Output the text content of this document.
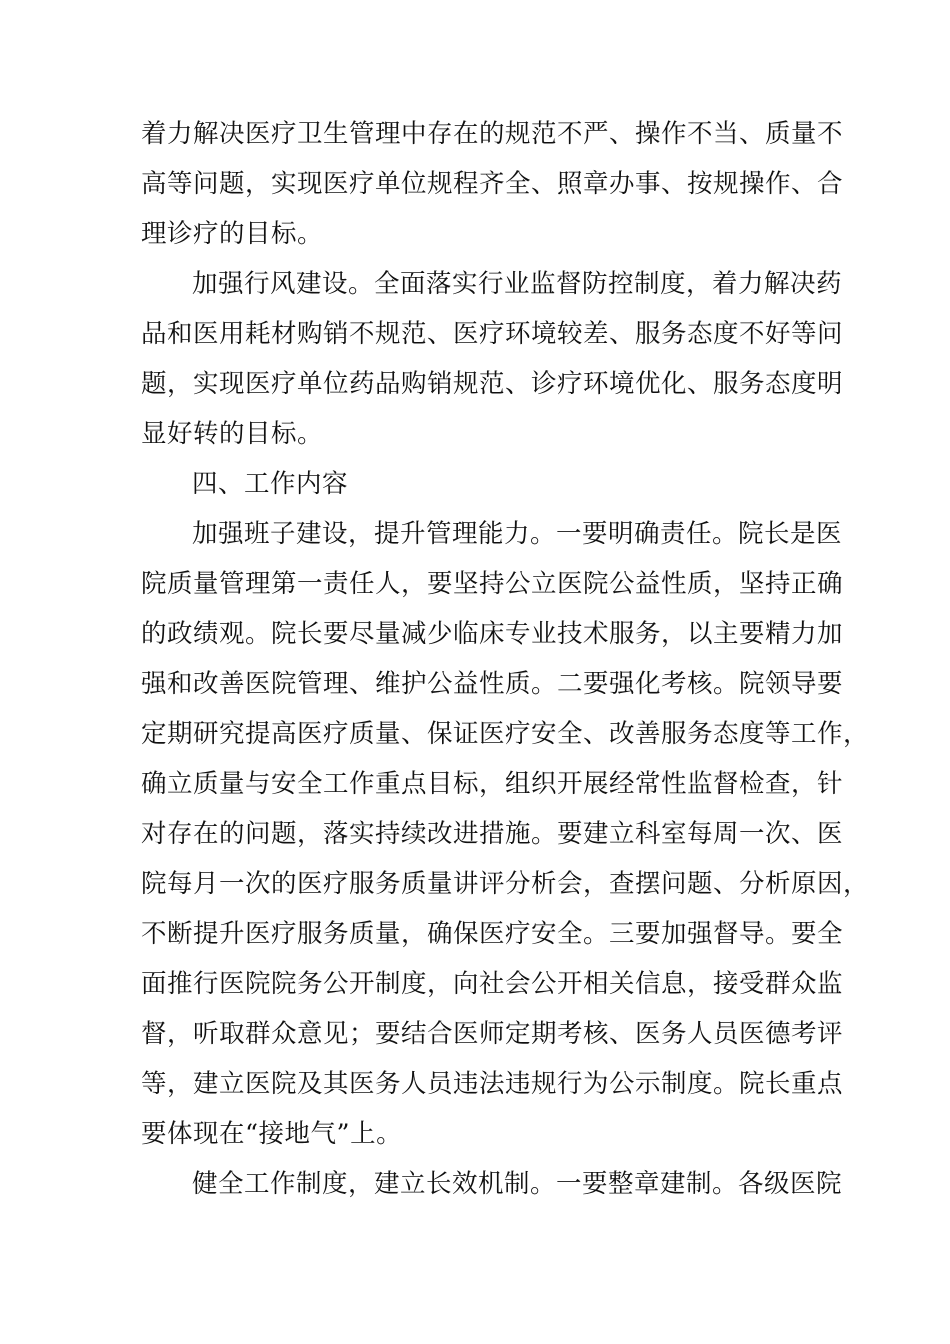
着力解决医疗卫生管理中存在的规范不严、操作不当、质量不
高等问题，实现医疗单位规程齐全、照章办事、按规操作、合
理诊疗的目标。
加强行风建设。全面落实行业监督防控制度，着力解决药
品和医用耗材购销不规范、医疗环境较差、服务态度不好等问
题，实现医疗单位药品购销规范、诊疗环境优化、服务态度明
显好转的目标。
四、工作内容
加强班子建设，提升管理能力。一要明确责任。院长是医
院质量管理第一责任人，要坚持公立医院公益性质，坚持正确
的政绩观。院长要尽量减少临床专业技术服务，以主要精力加
强和改善医院管理、维护公益性质。二要强化考核。院领导要
定期研究提高医疗质量、保证医疗安全、改善服务态度等工作，
确立质量与安全工作重点目标，组织开展经常性监督检查，针
对存在的问题，落实持续改进措施。要建立科室每周一次、医
院每月一次的医疗服务质量讲评分析会，查摆问题、分析原因，
不断提升医疗服务质量，确保医疗安全。三要加强督导。要全
面推行医院院务公开制度，向社会公开相关信息，接受群众监
督，听取群众意见；要结合医师定期考核、医务人员医德考评
等，建立医院及其医务人员违法违规行为公示制度。院长重点
要体现在“接地气”上。
健全工作制度，建立长效机制。一要整章建制。各级医院
